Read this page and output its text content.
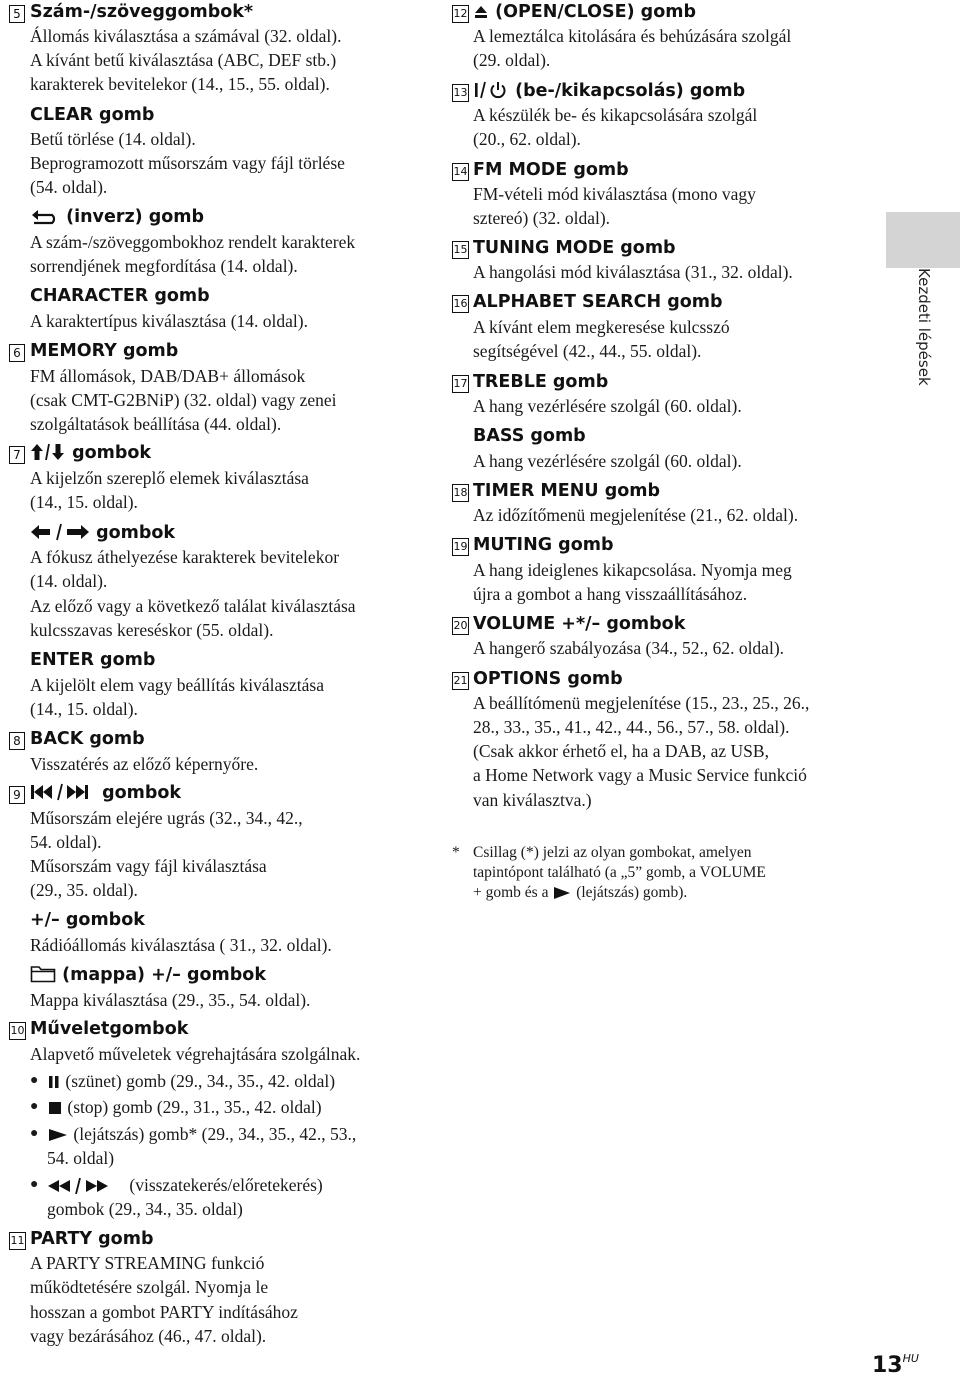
5 Szám-/szöveggombok*
Állomás kiválasztása a számával (32. oldal).
A kívánt betű kiválasztása (ABC, DEF stb.)
karakterek bevitelekor (14., 15., 55. oldal).
CLEAR gomb
Betű törlése (14. oldal).
Beprogramozott műsorszám vagy fájl törlése
(54. oldal).
(inverz) gomb
A szám-/szöveggombokhoz rendelt karakterek
sorrendjének megfordítása (14. oldal).
CHARACTER gomb
A karaktertípus kiválasztása (14. oldal).
6 MEMORY gomb
FM állomások, DAB/DAB+ állomások
(csak CMT-G2BNiP) (32. oldal) vagy zenei
szolgáltatások beállítása (44. oldal).
7	gombok
A kijelzőn szereplő elemek kiválasztása
(14., 15. oldal).
gombok
A fókusz áthelyezése karakterek bevitelekor
(14. oldal).
Az előző vagy a következő találat kiválasztása
kulcsszavas kereséskor (55. oldal).
ENTER gomb
A kijelölt elem vagy beállítás kiválasztása
(14., 15. oldal).
8 BACK gomb
Visszatérés az előző képernyőre.
9	gombok
Műsorszám elejére ugrás (32., 34., 42.,
54. oldal).
Műsorszám vagy fájl kiválasztása
(29., 35. oldal).
+/– gombok
Rádióállomás kiválasztása ( 31., 32. oldal).
(mappa) +/– gombok
Mappa kiválasztása (29., 35., 54. oldal).
10 Műveletgombok
Alapvető műveletek végrehajtására szolgálnak.
●	(szünet) gomb (29., 34., 35., 42. oldal)
●	(stop) gomb (29., 31., 35., 42. oldal)
●	(lejátszás) gomb* (29., 34., 35., 42., 53.,
54. oldal)
●	(visszatekerés/előretekerés)
gombok (29., 34., 35. oldal)
11 PARTY gomb
A PARTY STREAMING funkció
működtetésére szolgál. Nyomja le
hosszan a gombot PARTY indításához
vagy bezárásához (46., 47. oldal).
12	(OPEN/CLOSE) gomb
A lemeztálca kitolására és behúzására szolgál
(29. oldal).
13	(be-/kikapcsolás) gomb
A készülék be- és kikapcsolására szolgál
(20., 62. oldal).
14 FM MODE gomb
FM-vételi mód kiválasztása (mono vagy
sztereó) (32. oldal).
15 TUNING MODE gomb
A hangolási mód kiválasztása (31., 32. oldal).
16 ALPHABET SEARCH gomb
A kívánt elem megkeresése kulcsszó
segítségével (42., 44., 55. oldal).
17 TREBLE gomb
A hang vezérlésére szolgál (60. oldal).
BASS gomb
A hang vezérlésére szolgál (60. oldal).
18 TIMER MENU gomb
Az időzítőmenü megjelenítése (21., 62. oldal).
19 MUTING gomb
A hang ideiglenes kikapcsolása. Nyomja meg
újra a gombot a hang visszaállításához.
20 VOLUME +*/– gombok
A hangerő szabályozása (34., 52., 62. oldal).
21 OPTIONS gomb
A beállítómenü megjelenítése (15., 23., 25., 26.,
28., 33., 35., 41., 42., 44., 56., 57., 58. oldal).
(Csak akkor érhető el, ha a DAB, az USB,
a Home Network vagy a Music Service funkció
van kiválasztva.)
* Csillag (*) jelzi az olyan gombokat, amelyen
tapintópont található (a „5” gomb, a VOLUME
+ gomb és a (lejátszás) gomb).
Kezdeti lépések
$13^{HU}$
